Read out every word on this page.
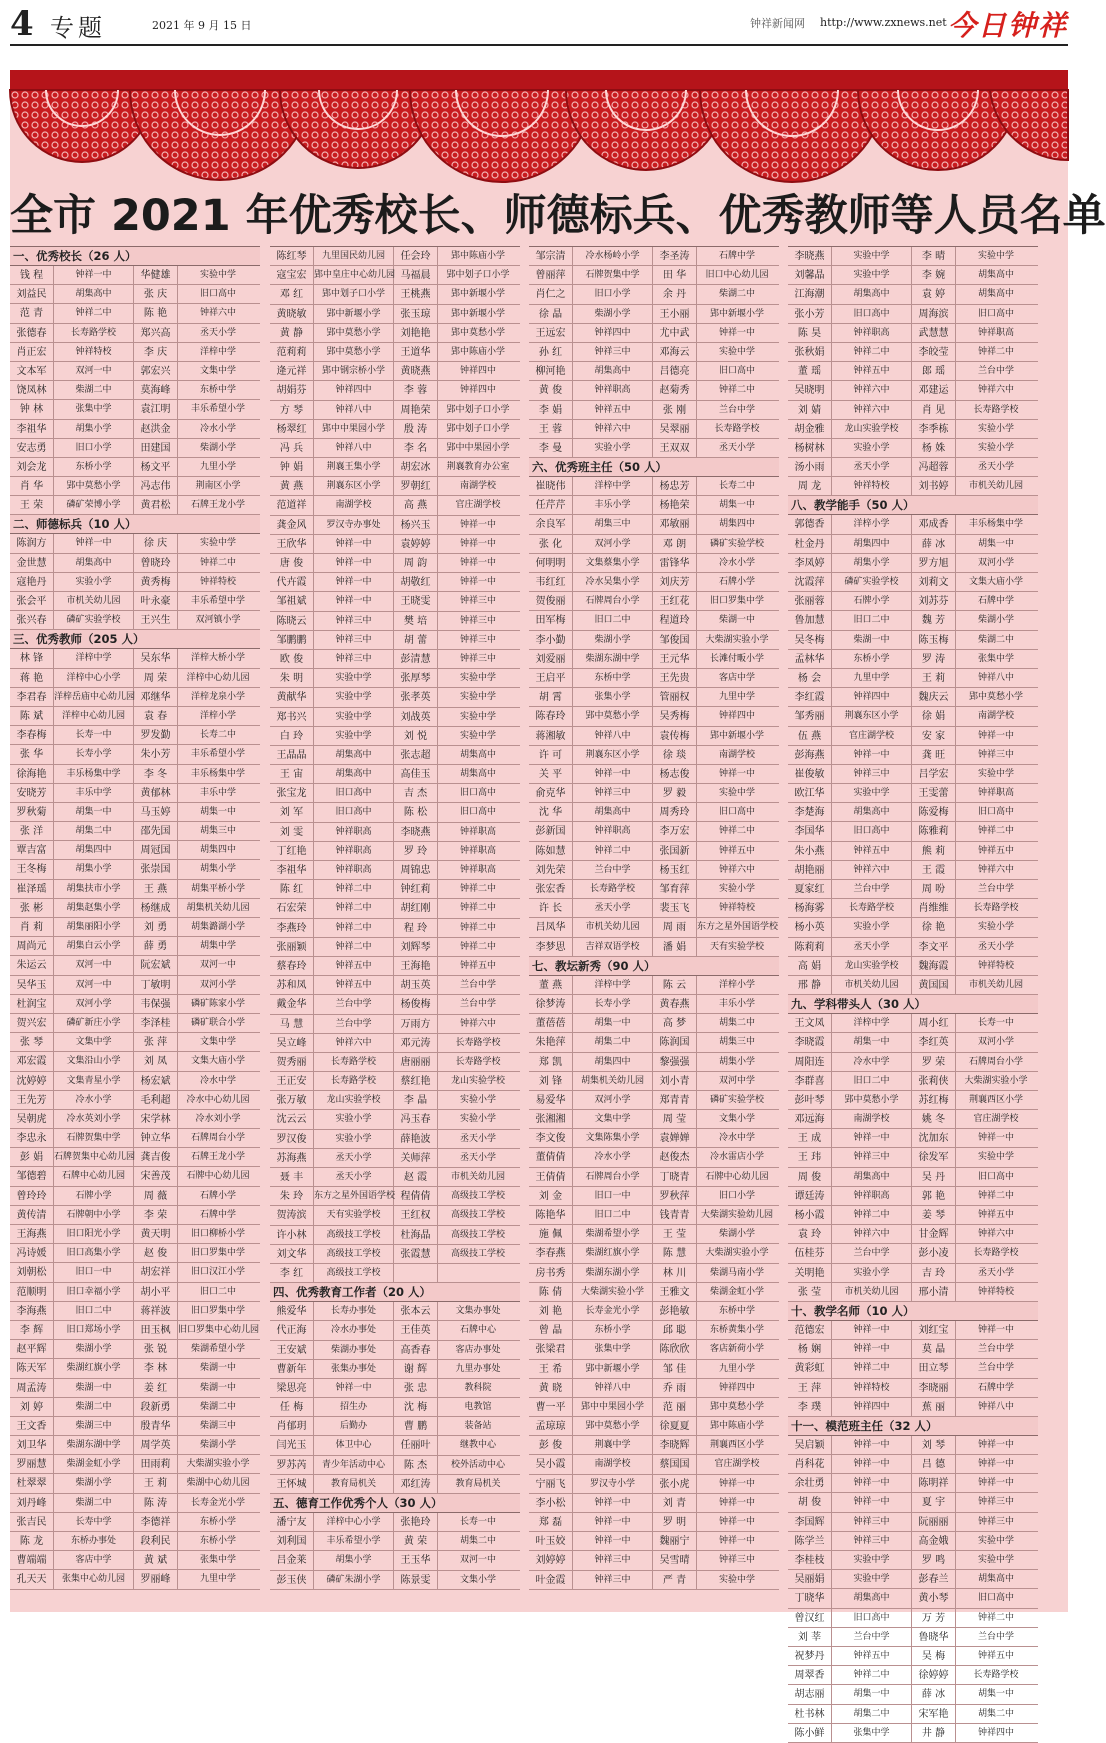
4 专题	2021 年 9 月 15 日	钟祥新闻网 http://www.zxnews.net 今日钟祥
全市 2021 年优秀校长、师德标兵、优秀教师等人员名单
一、优秀校长（26 人）
钱 程	钟祥一中	华健雄	实验中学
刘益民	胡集高中	张 庆	旧口高中
范 青	钟祥二中	陈 艳	钟祥六中
张德春	长寿路学校	郑兴高	丞天小学
肖正宏	钟祥特校	李 庆	洋梓中学
文本军	双河一中	郭宏兴	文集中学
饶凤林	柴湖二中	莫海峰	东桥中学
钟 林	张集中学	袁江明	丰乐希望小学
李祖华	胡集小学	赵洪金	冷水小学
安志勇	旧口小学	田建国	柴湖小学
刘会龙	东桥小学	杨文平	九里小学
肖 华	郢中莫愁小学	冯志伟	荆南区小学
王 荣	磷矿荣博小学	黄君松	石牌王龙小学
二、师德标兵（10 人）
陈润方	钟祥一中	徐 庆	实验中学
金世慧	胡集高中	曾晓玲	钟祥二中
寇艳丹	实验小学	黄秀梅	钟祥特校
张会平	市机关幼儿园	叶永豪	丰乐希望中学
张兴春	磷矿实验学校	王兴生	双河镇小学
三、优秀教师（205 人）
林 锋	洋梓中学	吴东华	洋梓大桥小学
蒋 艳	洋梓中心小学	周 荣	洋梓中心幼儿园
李君春 洋梓岳庙中心幼儿园 邓继华	洋梓龙泉小学
陈 斌	洋梓中心幼儿园	袁 春	洋梓小学
李春梅	长寿一中	罗发勤	长寿二中
张 华	长寿小学	朱小芳	丰乐希望小学
徐海艳	丰乐杨集中学	李 冬	丰乐杨集中学
安晓芳	丰乐中学	黄郁林	丰乐中学
罗秋菊	胡集一中	马玉婷	胡集一中
张 洋	胡集二中	邵先国	胡集三中
覃吉富	胡集四中	周冠国	胡集四中
王冬梅	胡集小学	张崇国	胡集小学
崔泽瑶	胡集扶市小学	王 燕	胡集平桥小学
张 彬	胡集赵集小学	杨继成	胡集机关幼儿园
肖 莉	胡集丽阳小学	刘 勇	胡集潞湖小学
周尚元	胡集白云小学	薛 勇	胡集中学
朱运云	双河一中	阮宏斌	双河一中
吴华玉	双河一中	丁敏明	双河小学
杜润宝	双河小学	韦保强	磷矿陈家小学
贺兴宏	磷矿新庄小学	李泽桂	磷矿联合小学
张 琴	文集中学	张 萍	文集中学
邓宏霞	文集沿山小学	刘 凤	文集大庙小学
沈婷婷	文集青星小学	杨宏斌	冷水中学
王先芳	冷水小学	毛利超	冷水中心幼儿园
吴朝虎	冷水英刘小学	宋学林	冷水刘小学
李忠永	石牌贺集中学	钟立华	石牌周台小学
彭 娟	石牌贺集中心幼儿园 龚吉俊	石牌王龙小学
邹德碧	石牌中心幼儿园	宋善茂	石牌中心幼儿园
曾玲玲	石牌小学	周 薇	石牌小学
黄传清	石牌朝中小学	李 荣	石牌中学
王海燕	旧口阳光小学	黄天明	旧口柳桥小学
冯诗媛	旧口高集小学	赵 俊	旧口罗集中学
刘朝松	旧口一中	胡宏祥	旧口汉江小学
范顺明	旧口幸福小学	胡小平	旧口二中
李海燕	旧口二中	蒋祥波	旧口罗集中学
李 辉	旧口郑场小学	田玉枫 旧口罗集中心幼儿园
赵平辉	柴湖小学	张 锐	柴湖希望小学
陈天军	柴湖红旗小学	李 林	柴湖一中
周孟涛	柴湖一中	姜 红	柴湖一中
刘 婷	柴湖二中	段新勇	柴湖二中
王文香	柴湖三中	殷青华	柴湖三中
刘卫华	柴湖东湖中学	周学英	柴湖小学
罗丽慧	柴湖金虹小学	田雨莉	大柴湖实验小学
杜翠翠	柴湖小学	王 莉	柴湖中心幼儿园
刘丹峰	柴湖二中	陈 涛	长寿金光小学
张吉民	长寿中学	李德祥	东桥小学
陈 龙	东桥办事处	段利民	东桥小学
曹端端	客店中学	黄 斌	张集中学
孔天天	张集中心幼儿园	罗丽峰	九里中学
陈红琴	九里国民幼儿园	任会玲	郢中陈庙小学
寇宝宏 郢中皇庄中心幼儿园 马福晨	郢中划子口小学
邓 红	郢中划子口小学	王桃燕	郢中新堰小学
黄晓敏	郢中新堰小学	张玉琼	郢中新堰小学
黄 静	郢中莫愁小学	刘艳艳	郢中莫愁小学
范莉莉	郢中莫愁小学	王道华	郢中陈庙小学
逄元祥	郢中钢宗桥小学	黄晓燕	钟祥四中
胡娟芬	钟祥四中	李 蓉	钟祥四中
方 琴	钟祥八中	周艳荣	郢中划子口小学
杨翠红	郢中中果园小学	殷 涛	郢中划子口小学
冯 兵	钟祥八中	李 名	郢中中果园小学
钟 娟	荆襄王集小学	胡宏冰	荆襄教育办公室
黄 燕	荆襄东区小学	罗朝红	南湖学校
范道祥	南湖学校	高 燕	官庄湖学校
龚金风	罗汉寺办事处	杨兴玉	钟祥一中
王欣华	钟祥一中	袁婷婷	钟祥一中
唐 俊	钟祥一中	周 韵	钟祥一中
代卉霞	钟祥一中	胡敬红	钟祥一中
邹祖斌	钟祥一中	王晓雯	钟祥三中
陈晓云	钟祥三中	樊 培	钟祥三中
邹鹏鹏	钟祥三中	胡 蕾	钟祥三中
欧 俊	钟祥三中	彭清慧	钟祥三中
朱 明	实验中学	张厚琴	实验中学
黄献华	实验中学	张孝英	实验中学
郑书兴	实验中学	刘战英	实验中学
白 玲	实验中学	刘 悦	实验中学
王晶晶	胡集高中	张志超	胡集高中
王 宙	胡集高中	高佳玉	胡集高中
张宝龙	旧口高中	吉 杰	旧口高中
刘 军	旧口高中	陈 松	旧口高中
刘 雯	钟祥职高	李晓燕	钟祥职高
丁红艳	钟祥职高	罗 玲	钟祥职高
李祖华	钟祥职高	周锦忠	钟祥职高
陈 红	钟祥二中	钟红莉	钟祥二中
石宏荣	钟祥二中	胡红刚	钟祥二中
李燕玲	钟祥二中	程 玲	钟祥二中
张丽颖	钟祥二中	刘辉琴	钟祥二中
蔡春玲	钟祥五中	王海艳	钟祥五中
苏和凤	钟祥五中	胡玉英	兰台中学
戴金华	兰台中学	杨俊梅	兰台中学
马 慧	兰台中学	万雨方	钟祥六中
吴立峰	钟祥六中	邓元涛	长寿路学校
贺秀丽	长寿路学校	唐丽丽	长寿路学校
王正安	长寿路学校	蔡红艳	龙山实验学校
张万敏	龙山实验学校	李 晶	实验小学
沈云云	实验小学	冯玉春	实验小学
罗汉俊	实验小学	薛艳波	丞天小学
苏海燕	丞天小学	关师萍	丞天小学
聂 丰	丞天小学	赵 霞	市机关幼儿园
朱 玲	东方之星外国语学校 程倩倩	高级技工学校
贺涛滨	天有实验学校	王红权	高级技工学校
许小林	高级技工学校	杜海晶	高级技工学校
刘文华	高级技工学校	张霞慧	高级技工学校
李 红	高级技工学校
四、优秀教育工作者（20 人）
熊爱华	长寿办事处	张本云	文集办事处
代正海	冷水办事处	王佳英	石牌中心
王安斌	柴湖办事处	高香春	客店办事处
曹新年	张集办事处	谢 辉	九里办事处
梁思亮	钟祥一中	张 忠	教科院
任 梅	招生办	沈 梅	电教馆
肖郁玥	后勤办	曹 鹏	装备站
闫光玉	体卫中心	任丽叶	继教中心
罗苏芮	青少年活动中心	陈 杰	校外活动中心
王怀城	教育局机关	邓红涛	教育局机关
五、德育工作优秀个人（30 人）
潘宁友	洋梓中心小学	张艳玲	长寿一中
刘利国	丰乐希望小学	黄 荣	胡集二中
吕金莱	胡集小学	王玉华	双河一中
彭玉侠	磷矿朱湖小学	陈景雯	文集小学
邹宗清	冷水杨岭小学	李圣涛	石牌中学
曾丽萍	石牌贺集中学	田 华	旧口中心幼儿园
肖仁之	旧口小学	余 丹	柴湖二中
徐 晶	柴湖小学	王小丽	郢中新堰小学
王远宏	钟祥四中	尤中武	钟祥一中
孙 红	钟祥三中	邓海云	实验中学
柳河艳	胡集高中	吕德亮	旧口高中
黄 俊	钟祥职高	赵菊秀	钟祥二中
李 娟	钟祥五中	张 刚	兰台中学
王 蓉	钟祥六中	吴翠丽	长寿路学校
李 曼	实验小学	王双双	丞天小学
六、优秀班主任（50 人）
崔晓伟	洋梓中学	杨忠芳	长寿二中
任芹芹	丰乐小学	杨艳荣	胡集一中
余良军	胡集三中	邓敏丽	胡集四中
张 化	双河小学	邓 朗	磷矿实验学校
何明明	文集蔡集小学	雷锋华	冷水小学
韦红红	冷水吴集小学	刘庆芳	石牌小学
贺俊丽	石牌周台小学	王红花	旧口罗集中学
田军梅	旧口二中	程道玲	柴湖一中
李小勤	柴湖小学	邹俊国	大柴湖实验小学
刘爱丽	柴湖东湖中学	王元华	长滩付畈小学
王启平	东桥中学	王先贵	客店中学
胡 霄	张集小学	管丽权	九里中学
陈春玲	郢中莫愁小学	吴秀梅	钟祥四中
蒋湘敏	钟祥八中	袁传梅	郢中新堰小学
许 可	荆襄东区小学	徐 琰	南湖学校
关 平	钟祥一中	杨志俊	钟祥一中
俞克华	钟祥三中	罗 毅	实验中学
沈 华	胡集高中	周秀玲	旧口高中
彭新国	钟祥职高	李万宏	钟祥二中
陈如慧	钟祥二中	张国新	钟祥五中
刘先荣	兰台中学	杨玉红	钟祥六中
张宏香	长寿路学校	邹育萍	实验小学
许 长	丞天小学	裴玉飞	钟祥特校
吕凤华	市机关幼儿园	周 雨	东方之星外国语学校
李梦思	吉祥双语学校	潘 娟	天有实验学校
七、教坛新秀（90 人）
董 燕	洋梓中学	陈 云	洋梓小学
徐梦涛	长寿小学	黄春燕	丰乐小学
董蓓蓓	胡集一中	高 梦	胡集二中
朱艳萍	胡集二中	陈润国	胡集三中
郑 凯	胡集四中	黎强强	胡集小学
刘 锋	胡集机关幼儿园	刘小青	双河中学
易爱华	双河小学	郑青青	磷矿实验学校
张湘湘	文集中学	周 莹	文集小学
李文俊	文集陈集小学	袁婵婵	冷水中学
董倩倩	冷水小学	赵俊杰	冷水雷店小学
王倩倩	石牌周台小学	丁晓青	石牌中心幼儿园
刘 金	旧口一中	罗秋萍	旧口小学
陈艳华	旧口二中	钱青青	大柴湖实验幼儿园
施 佩	柴湖希望小学	王 莹	柴湖小学
李春燕	柴湖红旗小学	陈 慧	大柴湖实验小学
房书秀	柴湖东湖小学	林 川	柴湖马南小学
陈 倩	大柴湖实验小学	王雅文	柴湖金虹小学
刘 艳	长寿金光小学	彭艳敏	东桥中学
曾 晶	东桥小学	邱 聪	东桥黄集小学
张梁君	张集中学	陈欣欣	客店新荷小学
王 希	郢中新堰小学	邹 佳	九里小学
黄 晓	钟祥八中	乔 雨	钟祥四中
曹一平	郢中中果园小学	范 丽	郢中莫愁小学
孟琼琼	郢中莫愁小学	徐夏夏	郢中陈庙小学
彭 俊	荆襄中学	李晓辉	荆襄西区小学
吴小霞	南湖学校	蔡国国	官庄湖学校
宁丽飞	罗汉寺小学	张小虎	钟祥一中
李小松	钟祥一中	刘 青	钟祥一中
郑 磊	钟祥一中	罗 明	钟祥一中
叶玉姣	钟祥一中	魏丽宁	钟祥一中
刘婷婷	钟祥三中	吴雪晴	钟祥三中
叶金霞	钟祥三中	严 青	实验中学
李晓燕	实验中学	李 晴	实验中学
刘馨晶	实验中学	李 婉	胡集高中
江海潮	胡集高中	袁 婷	胡集高中
张小芳	旧口高中	周海滨	旧口高中
陈 昊	钟祥职高	武慧慧	钟祥职高
张秋娟	钟祥二中	李皎莹	钟祥二中
董 瑶	钟祥五中	郎 瑶	兰台中学
吴晓明	钟祥六中	邓建运	钟祥六中
刘 婧	钟祥六中	肖 见	长寿路学校
胡金雅	龙山实验学校	李季栋	实验小学
杨树林	实验小学	杨 姝	实验小学
汤小雨	丞天小学	冯超蓉	丞天小学
周 龙	钟祥特校	刘书婷	市机关幼儿园
八、教学能手（50 人）
郭德香	洋梓小学	邓成香	丰乐杨集中学
杜金丹	胡集四中	薛 冰	胡集一中
李凤婷	胡集小学	罗方旭	双河小学
沈霞萍	磷矿实验学校	刘莉文	文集大庙小学
张丽蓉	石牌小学	刘苏芬	石牌中学
鲁加慧	旧口二中	魏 芳	柴湖小学
吴冬梅	柴湖一中	陈玉梅	柴湖二中
孟林华	东桥小学	罗 涛	张集中学
杨 会	九里中学	王 莉	钟祥八中
李红霞	钟祥四中	魏庆云	郢中莫愁小学
邹秀丽	荆襄东区小学	徐 娟	南湖学校
伍 燕	官庄湖学校	安 家	钟祥一中
彭海燕	钟祥一中	龚 旺	钟祥三中
崔俊敏	钟祥三中	吕学宏	实验中学
欧江华	实验中学	王雯蕾	钟祥职高
李楚海	胡集高中	陈爱梅	旧口高中
李国华	旧口高中	陈雅莉	钟祥二中
朱小燕	钟祥五中	熊 莉	钟祥五中
胡艳丽	钟祥六中	王 霞	钟祥六中
夏家红	兰台中学	周 吩	兰台中学
杨海雾	长寿路学校	肖维维	长寿路学校
杨小英	实验小学	徐 艳	实验小学
陈莉莉	丞天小学	李文平	丞天小学
高 娟	龙山实验学校	魏海霞	钟祥特校
邢 静	市机关幼儿园	黄国国	市机关幼儿园
九、学科带头人（30 人）
王文凤	洋梓中学	周小红	长寿一中
李晓霞	胡集一中	李红英	双河小学
周阳连	冷水中学	罗 荣	石牌周台小学
李群喜	旧口二中	张莉侠	大柴湖实验小学
彭叶琴	郢中莫愁小学	苏红梅	荆襄西区小学
邓远海	南湖学校	姚 冬	官庄湖学校
王 成	钟祥一中	沈加东	钟祥一中
王 玮	钟祥三中	徐发军	实验中学
周 俊	胡集高中	吴 丹	旧口高中
谭廷涛	钟祥职高	郭 艳	钟祥二中
杨小霞	钟祥二中	姜 琴	钟祥五中
袁 玲	钟祥六中	甘金辉	钟祥六中
伍桂芬	兰台中学	彭小凌	长寿路学校
关明艳	实验小学	吉 玲	丞天小学
张 莹	市机关幼儿园	邢小清	钟祥特校
十、教学名师（10 人）
范德宏	钟祥一中	刘红宝	钟祥一中
杨 娴	钟祥一中	莫 晶	兰台中学
黄彩虹	钟祥二中	田立琴	兰台中学
王 萍	钟祥特校	李晓丽	石牌中学
李 璞	钟祥四中	蕉 丽	钟祥八中
十一、模范班主任（32 人）
吴启颖	钟祥一中	刘 琴	钟祥一中
肖科花	钟祥一中	吕 德	钟祥一中
余壮勇	钟祥一中	陈明祥	钟祥一中
胡 俊	钟祥一中	夏 宇	钟祥三中
李国辉	钟祥三中	阮丽丽	钟祥三中
陈学兰	钟祥三中	高金娥	实验中学
李桂枝	实验中学	罗 鸣	实验中学
吴丽娟	实验中学	彭春兰	胡集高中
丁晓华	胡集高中	黄小琴	旧口高中
曾汉红	旧口高中	万 芳	钟祥二中
刘 莘	兰台中学	鲁晓华	兰台中学
祝梦丹	钟祥五中	吴 梅	钟祥五中
周翠香	钟祥二中	徐婷婷	长寿路学校
胡志丽	胡集一中	薛 冰	胡集一中
杜书林	胡集二中	宋军艳	胡集二中
陈小鲜	张集中学	井 静	钟祥四中
